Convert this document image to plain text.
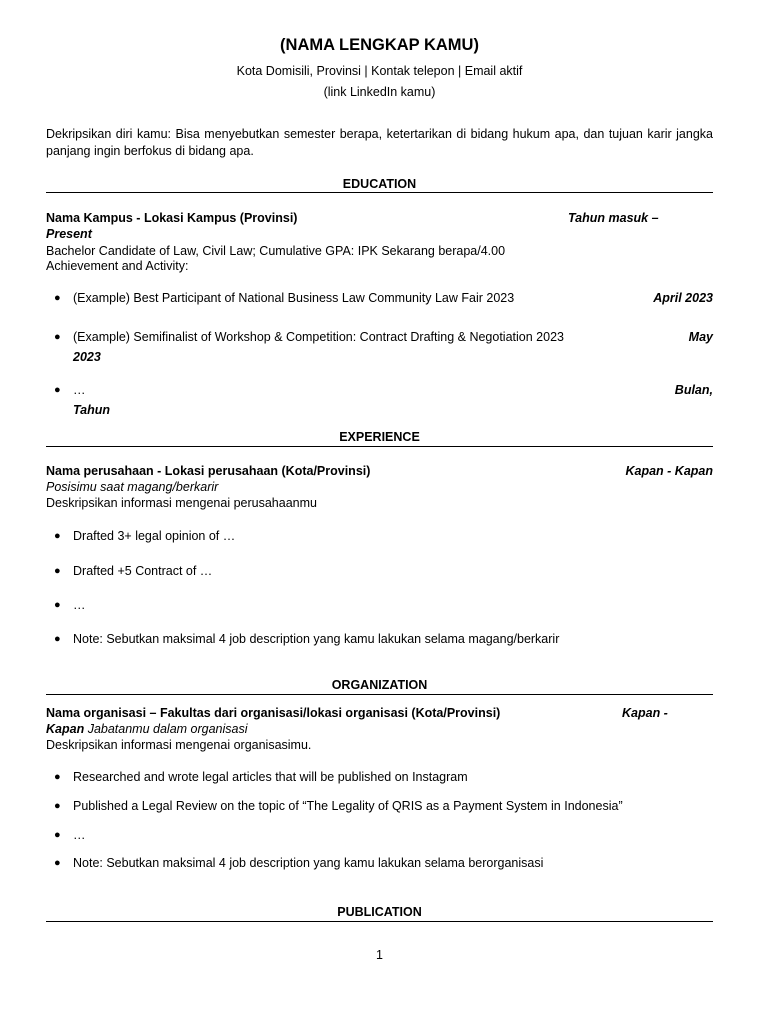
(NAMA LENGKAP KAMU)
Kota Domisili, Provinsi | Kontak telepon | Email aktif
(link LinkedIn kamu)
Dekripsikan diri kamu: Bisa menyebutkan semester berapa, ketertarikan di bidang hukum apa, dan tujuan karir jangka panjang ingin berfokus di bidang apa.
EDUCATION
Nama Kampus - Lokasi Kampus (Provinsi)	Tahun masuk –
Present
Bachelor Candidate of Law, Civil Law; Cumulative GPA: IPK Sekarang berapa/4.00
Achievement and Activity:
● (Example) Best Participant of National Business Law Community Law Fair 2023	April 2023
● (Example) Semifinalist of Workshop & Competition: Contract Drafting & Negotiation 2023	May
2023
● …	Bulan,
Tahun
EXPERIENCE
Nama perusahaan - Lokasi perusahaan (Kota/Provinsi)	Kapan - Kapan
Posisimu saat magang/berkarir
Deskripsikan informasi mengenai perusahaanmu
● Drafted 3+ legal opinion of …
● Drafted +5 Contract of …
● …
● Note: Sebutkan maksimal 4 job description yang kamu lakukan selama magang/berkarir
ORGANIZATION
Nama organisasi – Fakultas dari organisasi/lokasi organisasi (Kota/Provinsi)	Kapan -
Kapan Jabatanmu dalam organisasi
Deskripsikan informasi mengenai organisasimu.
● Researched and wrote legal articles that will be published on Instagram
● Published a Legal Review on the topic of “The Legality of QRIS as a Payment System in Indonesia”
● …
● Note: Sebutkan maksimal 4 job description yang kamu lakukan selama berorganisasi
PUBLICATION
1
